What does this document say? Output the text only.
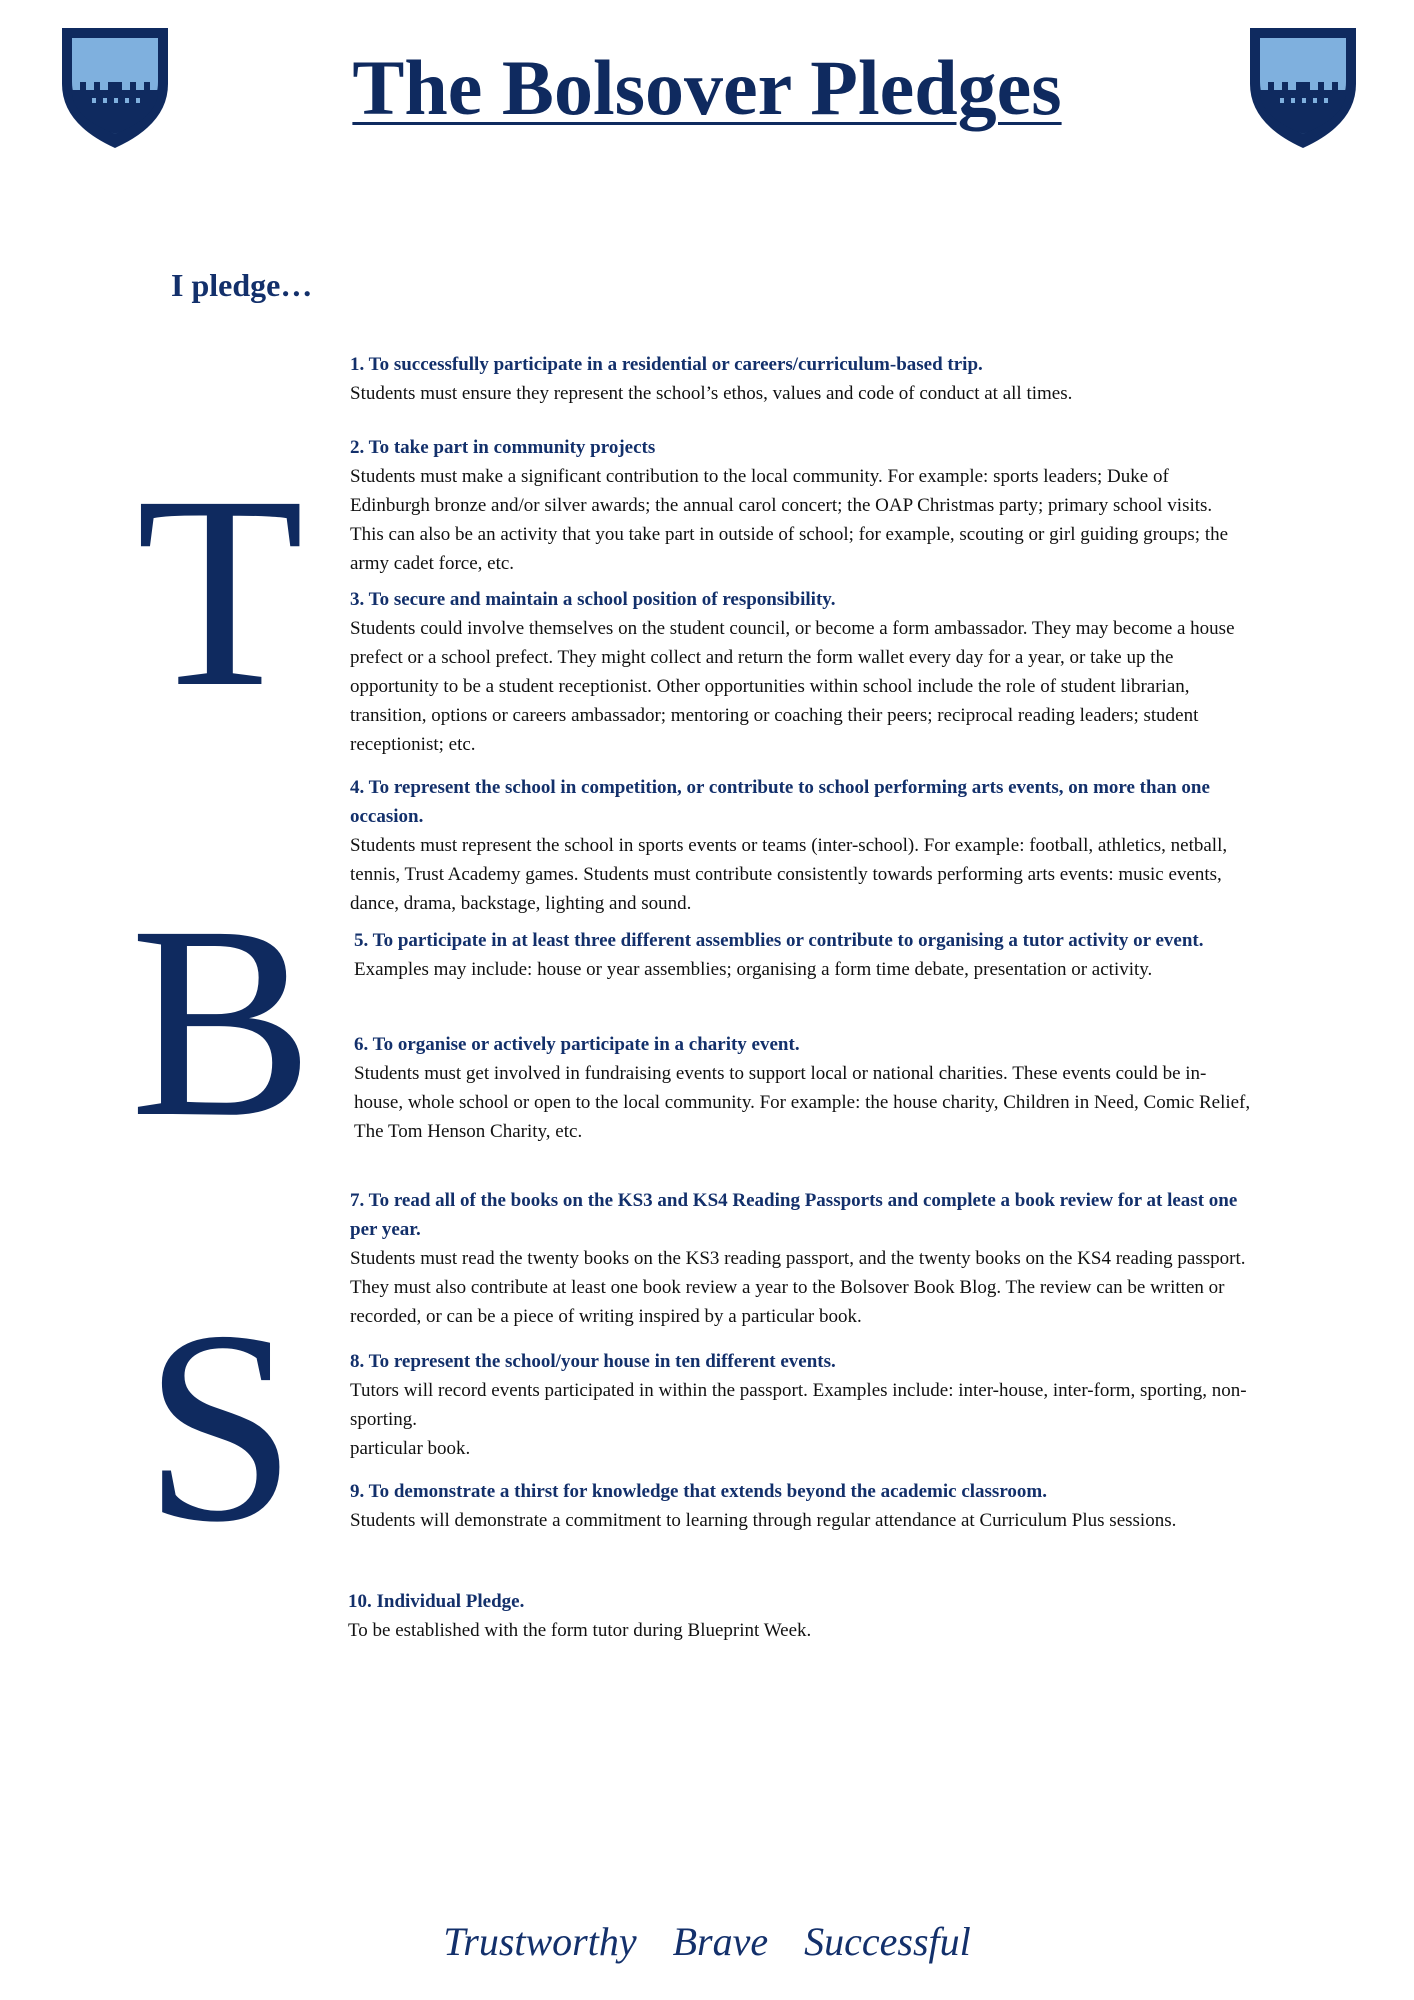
The Bolsover Pledges

I pledge…

T
B
S
1. To successfully participate in a residential or careers/curriculum-based trip.

Students must ensure they represent the school’s ethos, values and code of conduct at all times.

2. To take part in community projects

Students must make a significant contribution to the local community. For example: sports leaders; Duke of Edinburgh bronze and/or silver awards; the annual carol concert; the OAP Christmas party; primary school visits. This can also be an activity that you take part in outside of school; for example, scouting or girl guiding groups; the army cadet force, etc.

3. To secure and maintain a school position of responsibility.

Students could involve themselves on the student council, or become a form ambassador. They may become a house prefect or a school prefect. They might collect and return the form wallet every day for a year, or take up the opportunity to be a student receptionist. Other opportunities within school include the role of student librarian, transition, options or careers ambassador; mentoring or coaching their peers; reciprocal reading leaders; student receptionist; etc.

4. To represent the school in competition, or contribute to school performing arts events, on more than one occasion.

Students must represent the school in sports events or teams (inter-school). For example: football, athletics, netball, tennis, Trust Academy games. Students must contribute consistently towards performing arts events: music events, dance, drama, backstage, lighting and sound.

5. To participate in at least three different assemblies or contribute to organising a tutor activity or event.

Examples may include: house or year assemblies; organising a form time debate, presentation or activity.

6. To organise or actively participate in a charity event.

Students must get involved in fundraising events to support local or national charities. These events could be in-house, whole school or open to the local community. For example: the house charity, Children in Need, Comic Relief, The Tom Henson Charity, etc.

7. To read all of the books on the KS3 and KS4 Reading Passports and complete a book review for at least one per year.

Students must read the twenty books on the KS3 reading passport, and the twenty books on the KS4 reading passport. They must also contribute at least one book review a year to the Bolsover Book Blog. The review can be written or recorded, or can be a piece of writing inspired by a particular book.

8. To represent the school/your house in ten different events.

Tutors will record events participated in within the passport. Examples include: inter-house, inter-form, sporting, non-sporting.

particular book.

9. To demonstrate a thirst for knowledge that extends beyond the academic classroom.

Students will demonstrate a commitment to learning through regular attendance at Curriculum Plus sessions.

10. Individual Pledge.

To be established with the form tutor during Blueprint Week.

Trustworthy Brave Successful
